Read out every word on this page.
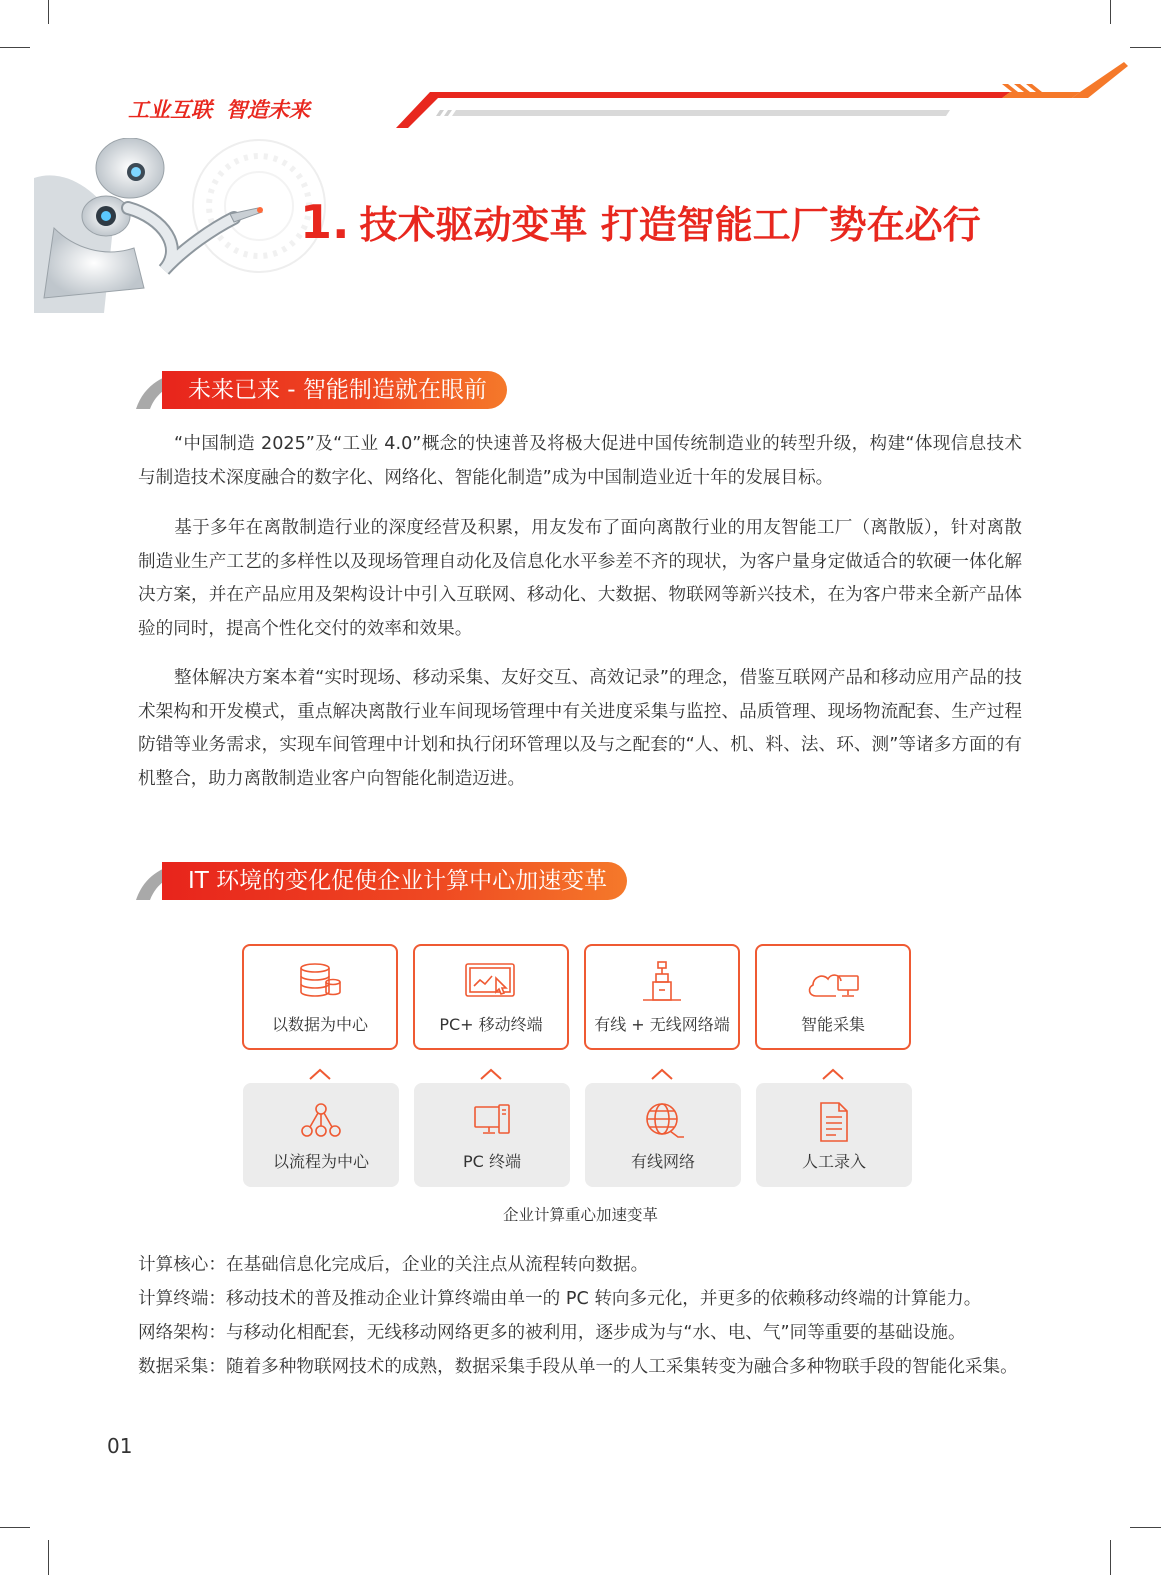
工业互联 智造未来
1. 技术驱动变革 打造智能工厂势在必行
未来已来 - 智能制造就在眼前
“中国制造 2025”及“工业 4.0”概念的快速普及将极大促进中国传统制造业的转型升级，构建“体现信息技术与制造技术深度融合的数字化、网络化、智能化制造”成为中国制造业近十年的发展目标。
基于多年在离散制造行业的深度经营及积累，用友发布了面向离散行业的用友智能工厂（离散版），针对离散制造业生产工艺的多样性以及现场管理自动化及信息化水平参差不齐的现状，为客户量身定做适合的软硬一体化解决方案，并在产品应用及架构设计中引入互联网、移动化、大数据、物联网等新兴技术，在为客户带来全新产品体验的同时，提高个性化交付的效率和效果。
整体解决方案本着“实时现场、移动采集、友好交互、高效记录”的理念，借鉴互联网产品和移动应用产品的技术架构和开发模式，重点解决离散行业车间现场管理中有关进度采集与监控、品质管理、现场物流配套、生产过程防错等业务需求，实现车间管理中计划和执行闭环管理以及与之配套的“人、机、料、法、环、测”等诸多方面的有机整合，助力离散制造业客户向智能化制造迈进。
IT 环境的变化促使企业计算中心加速变革
以数据为中心	PC+ 移动终端	有线 + 无线网络端	智能采集
以流程为中心	PC 终端	有线网络	人工录入
企业计算重心加速变革
计算核心：在基础信息化完成后，企业的关注点从流程转向数据。
计算终端：移动技术的普及推动企业计算终端由单一的 PC 转向多元化，并更多的依赖移动终端的计算能力。
网络架构：与移动化相配套，无线移动网络更多的被利用，逐步成为与“水、电、气”同等重要的基础设施。
数据采集：随着多种物联网技术的成熟，数据采集手段从单一的人工采集转变为融合多种物联手段的智能化采集。
01
